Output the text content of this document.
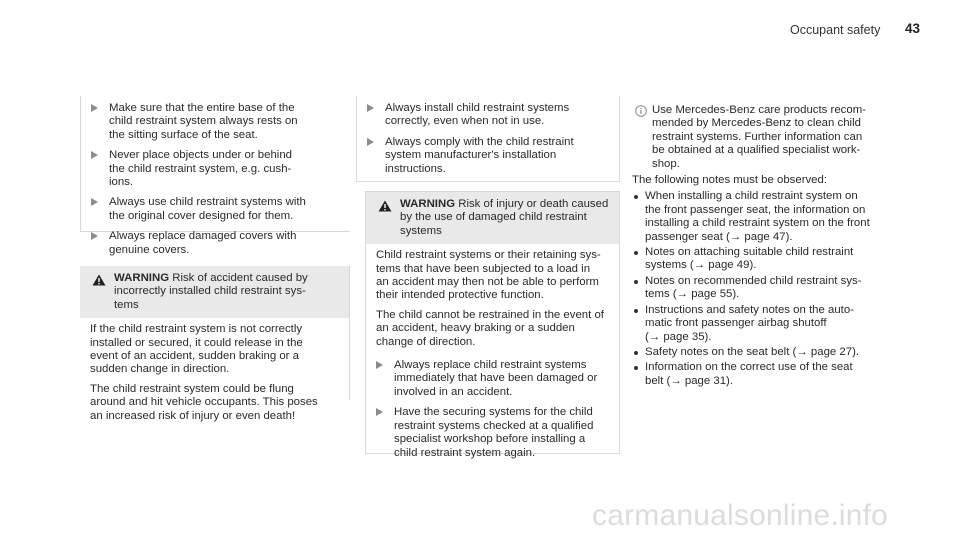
Occupant safety 43
Make sure that the entire base of the
child restraint system always rests on
the sitting surface of the seat.
Never place objects under or behind
the child restraint system, e.g. cush-
ions.
Always use child restraint systems with
the original cover designed for them.
Always replace damaged covers with
genuine covers.
WARNING Risk of accident caused by
incorrectly installed child restraint sys-
tems

If the child restraint system is not correctly
installed or secured, it could release in the
event of an accident, sudden braking or a
sudden change in direction.

The child restraint system could be flung
around and hit vehicle occupants. This poses
an increased risk of injury or even death!

Always install child restraint systems
correctly, even when not in use.
Always comply with the child restraint
system manufacturer's installation
instructions.
WARNING Risk of injury or death caused
by the use of damaged child restraint
systems

Child restraint systems or their retaining sys-
tems that have been subjected to a load in
an accident may then not be able to perform
their intended protective function.

The child cannot be restrained in the event of
an accident, heavy braking or a sudden
change of direction.

Always replace child restraint systems
immediately that have been damaged or
involved in an accident.
Have the securing systems for the child
restraint systems checked at a qualified
specialist workshop before installing a
child restraint system again.
Use Mercedes-Benz care products recom-
mended by Mercedes-Benz to clean child
restraint systems. Further information can
be obtained at a qualified specialist work-
shop.
The following notes must be observed:
When installing a child restraint system on
the front passenger seat, the information on
installing a child restraint system on the front
passenger seat (→ page 47).
Notes on attaching suitable child restraint
systems (→ page 49).
Notes on recommended child restraint sys-
tems (→ page 55).
Instructions and safety notes on the auto-
matic front passenger airbag shutoff
(→ page 35).
Safety notes on the seat belt (→ page 27).
Information on the correct use of the seat
belt (→ page 31).
carmanualsonline.info
